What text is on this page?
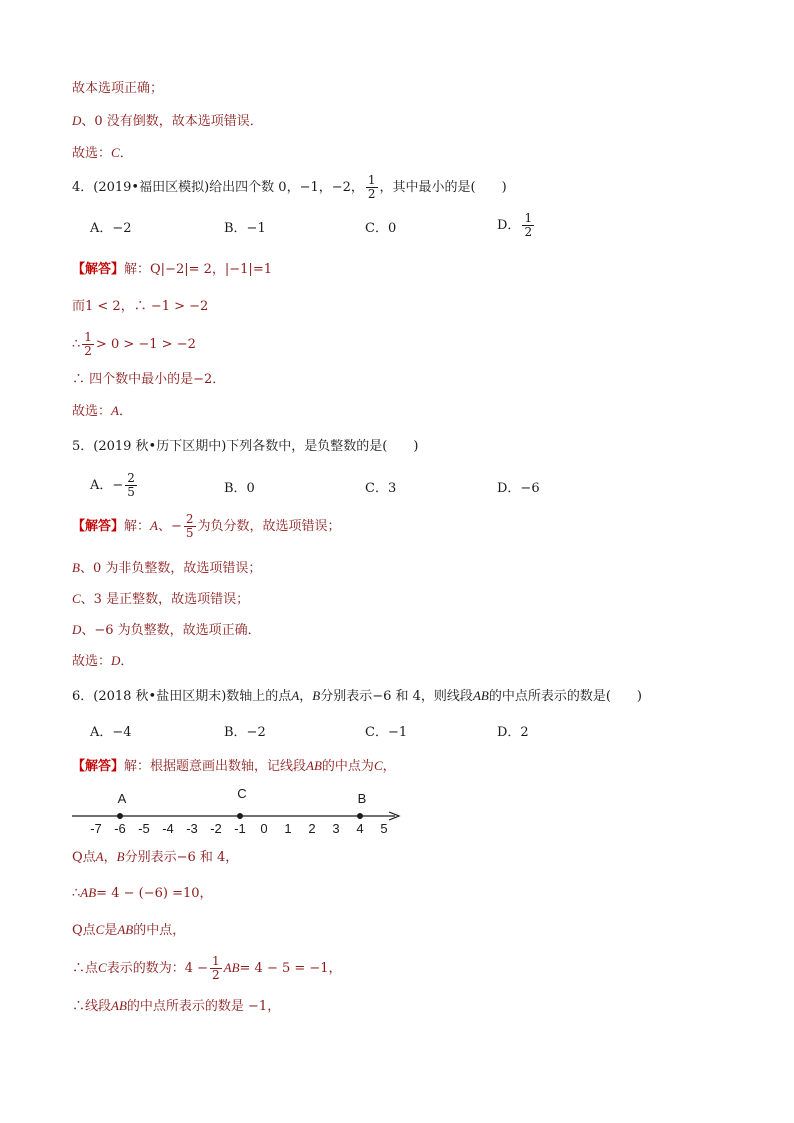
故本选项正确；
D、0 没有倒数，故本选项错误．
故选：C．
4．(2019•福田区模拟)给出四个数 0，−1，−2， $\frac{1}{2}$ ，其中最小的是(　　)
A．−2	B．−1	C．0	D． $\frac{1}{2}$
【解答】解：Q|−2|= 2，|−1|=1
而1 < 2，∴ −1 > −2
∴ $\frac{1}{2} > 0 > -1 > -2$
∴ 四个数中最小的是−2．
故选：A．
5．(2019 秋•历下区期中)下列各数中，是负整数的是(　　)
A．− $\frac{2}{5}$	B．0	C．3	D．−6
【解答】解：A、− $\frac{2}{5}$ 为负分数，故选项错误；
B、0 为非负整数，故选项错误；
C、3 是正整数，故选项错误；
D、−6 为负整数，故选项正确．
故选：D．
6．(2018 秋•盐田区期末)数轴上的点A，B分别表示−6 和 4，则线段AB的中点所表示的数是(　　)
A．−4	B．−2	C．−1	D．2
【解答】解：根据题意画出数轴，记线段AB的中点为C，
-7 -6 -5 -4 -3 -2 -1 0 1 2 3 4 5
A	C	B
Q点A，B分别表示−6 和 4，
∴AB= 4 − (−6) =10，
Q点C是AB的中点，
∴点C表示的数为：$4 - \frac{1}{2} AB= 4 - 5 = -1$，
∴线段AB的中点所表示的数是 −1，
